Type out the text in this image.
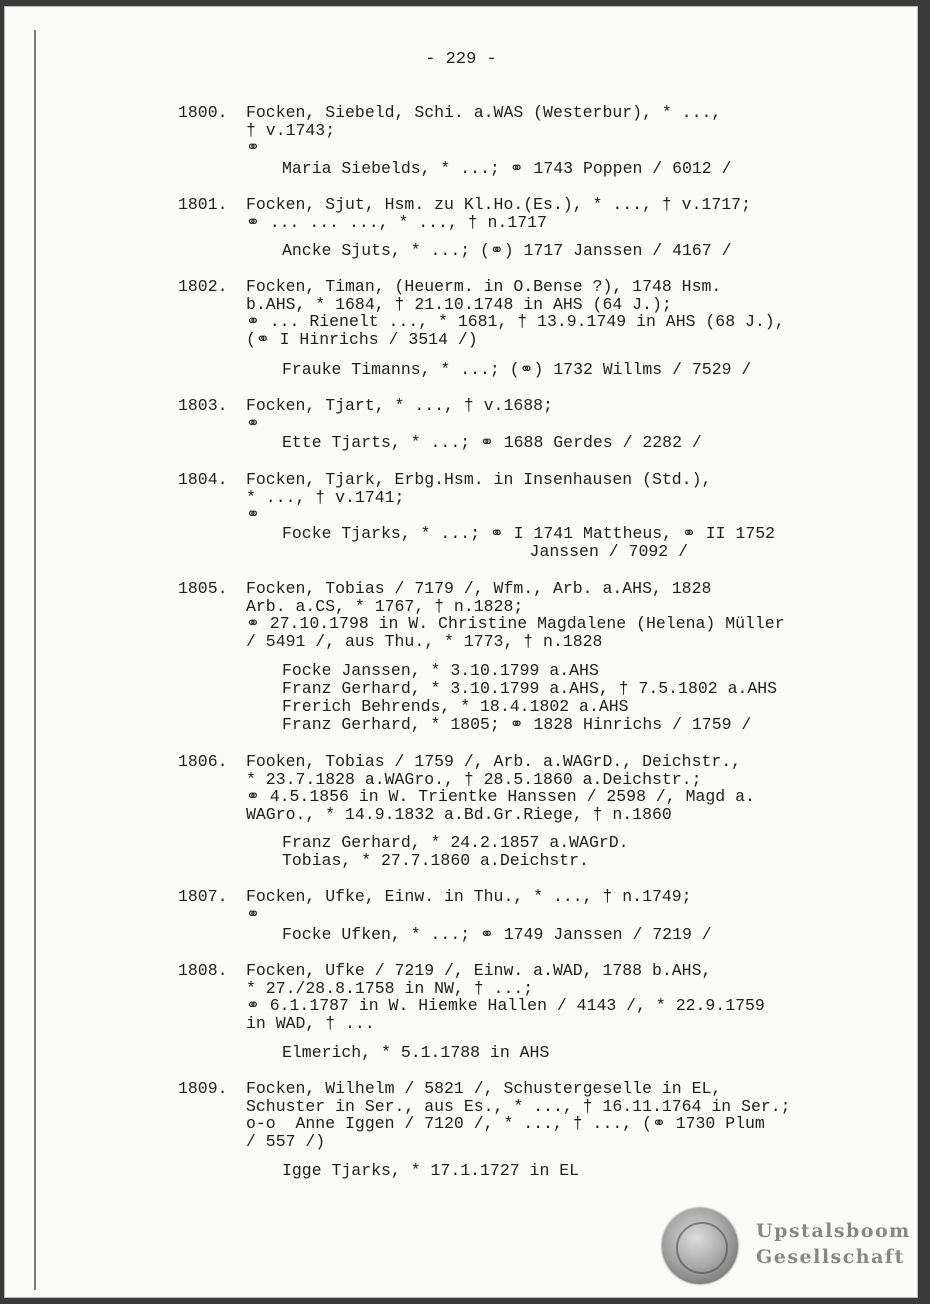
- 229 -
1800.	Focken, Siebeld, Schi. a.WAS (Westerbur), * ...,
† v.1743;
⚭
Maria Siebelds, * ...; ⚭ 1743 Poppen / 6012 /
1801.	Focken, Sjut, Hsm. zu Kl.Ho.(Es.), * ..., † v.1717;
⚭ ... ... ..., * ..., † n.1717
Ancke Sjuts, * ...; (⚭) 1717 Janssen / 4167 /
1802.	Focken, Timan, (Heuerm. in O.Bense ?), 1748 Hsm.
b.AHS, * 1684, † 21.10.1748 in AHS (64 J.);
⚭ ... Rienelt ..., * 1681, † 13.9.1749 in AHS (68 J.),
(⚭ I Hinrichs / 3514 /)
Frauke Timanns, * ...; (⚭) 1732 Willms / 7529 /
1803.	Focken, Tjart, * ..., † v.1688;
⚭
Ette Tjarts, * ...; ⚭ 1688 Gerdes / 2282 /
1804.	Focken, Tjark, Erbg.Hsm. in Insenhausen (Std.),
* ..., † v.1741;
⚭
Focke Tjarks, * ...; ⚭ I 1741 Mattheus, ⚭ II 1752
Janssen / 7092 /
1805.	Focken, Tobias / 7179 /, Wfm., Arb. a.AHS, 1828
Arb. a.CS, * 1767, † n.1828;
⚭ 27.10.1798 in W. Christine Magdalene (Helena) Müller
/ 5491 /, aus Thu., * 1773, † n.1828
Focke Janssen, * 3.10.1799 a.AHS
Franz Gerhard, * 3.10.1799 a.AHS, † 7.5.1802 a.AHS
Frerich Behrends, * 18.4.1802 a.AHS
Franz Gerhard, * 1805; ⚭ 1828 Hinrichs / 1759 /
1806.	Fooken, Tobias / 1759 /, Arb. a.WAGrD., Deichstr.,
* 23.7.1828 a.WAGro., † 28.5.1860 a.Deichstr.;
⚭ 4.5.1856 in W. Trientke Hanssen / 2598 /, Magd a.
WAGro., * 14.9.1832 a.Bd.Gr.Riege, † n.1860
Franz Gerhard, * 24.2.1857 a.WAGrD.
Tobias, * 27.7.1860 a.Deichstr.
1807.	Focken, Ufke, Einw. in Thu., * ..., † n.1749;
⚭
Focke Ufken, * ...; ⚭ 1749 Janssen / 7219 /
1808.	Focken, Ufke / 7219 /, Einw. a.WAD, 1788 b.AHS,
* 27./28.8.1758 in NW, † ...;
⚭ 6.1.1787 in W. Hiemke Hallen / 4143 /, * 22.9.1759
in WAD, † ...
Elmerich, * 5.1.1788 in AHS
1809.	Focken, Wilhelm / 5821 /, Schustergeselle in EL,
Schuster in Ser., aus Es., * ..., † 16.11.1764 in Ser.;
o-o  Anne Iggen / 7120 /, * ..., † ..., (⚭ 1730 Plum
/ 557 /)
Igge Tjarks, * 17.1.1727 in EL
Upstalsboom
Gesellschaft
